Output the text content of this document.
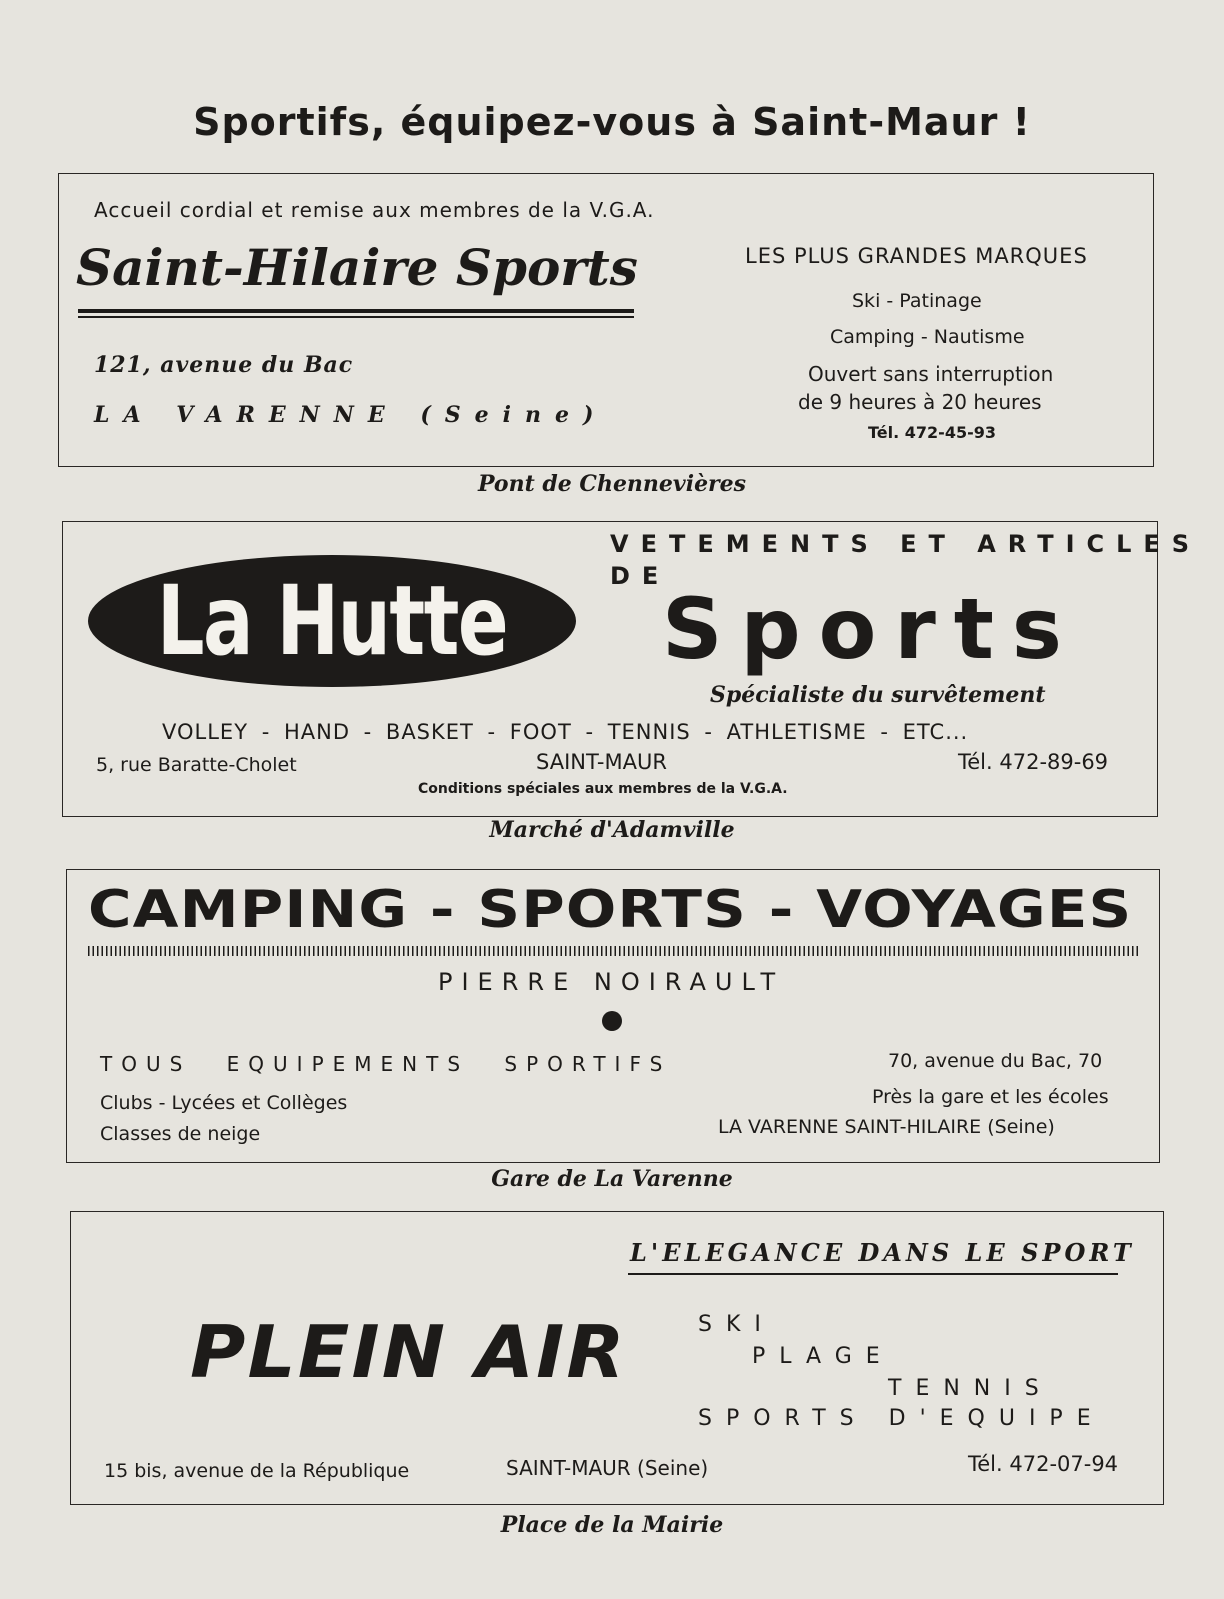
Sportifs, équipez-vous à Saint-Maur !
Accueil cordial et remise aux membres de la V.G.A.
Saint-Hilaire Sports
121, avenue du Bac
LA VARENNE (Seine)
LES PLUS GRANDES MARQUES
Ski - Patinage
Camping - Nautisme
Ouvert sans interruption
de 9 heures à 20 heures
Tél. 472-45-93
Pont de Chennevières
La Hutte
VETEMENTS ET ARTICLES
DE
Sports
Spécialiste du survêtement
VOLLEY - HAND - BASKET - FOOT - TENNIS - ATHLETISME - ETC...
5, rue Baratte-Cholet	SAINT-MAUR	Tél. 472-89-69
Conditions spéciales aux membres de la V.G.A.
Marché d'Adamville
CAMPING - SPORTS - VOYAGES
PIERRE NOIRAULT
TOUS EQUIPEMENTS SPORTIFS
Clubs - Lycées et Collèges
Classes de neige
70, avenue du Bac, 70
Près la gare et les écoles
LA VARENNE SAINT-HILAIRE (Seine)
Gare de La Varenne
L'ELEGANCE DANS LE SPORT
PLEIN AIR	SKI
PLAGE
TENNIS
SPORTS D'EQUIPE
15 bis, avenue de la République	SAINT-MAUR (Seine)	Tél. 472-07-94
Place de la Mairie
